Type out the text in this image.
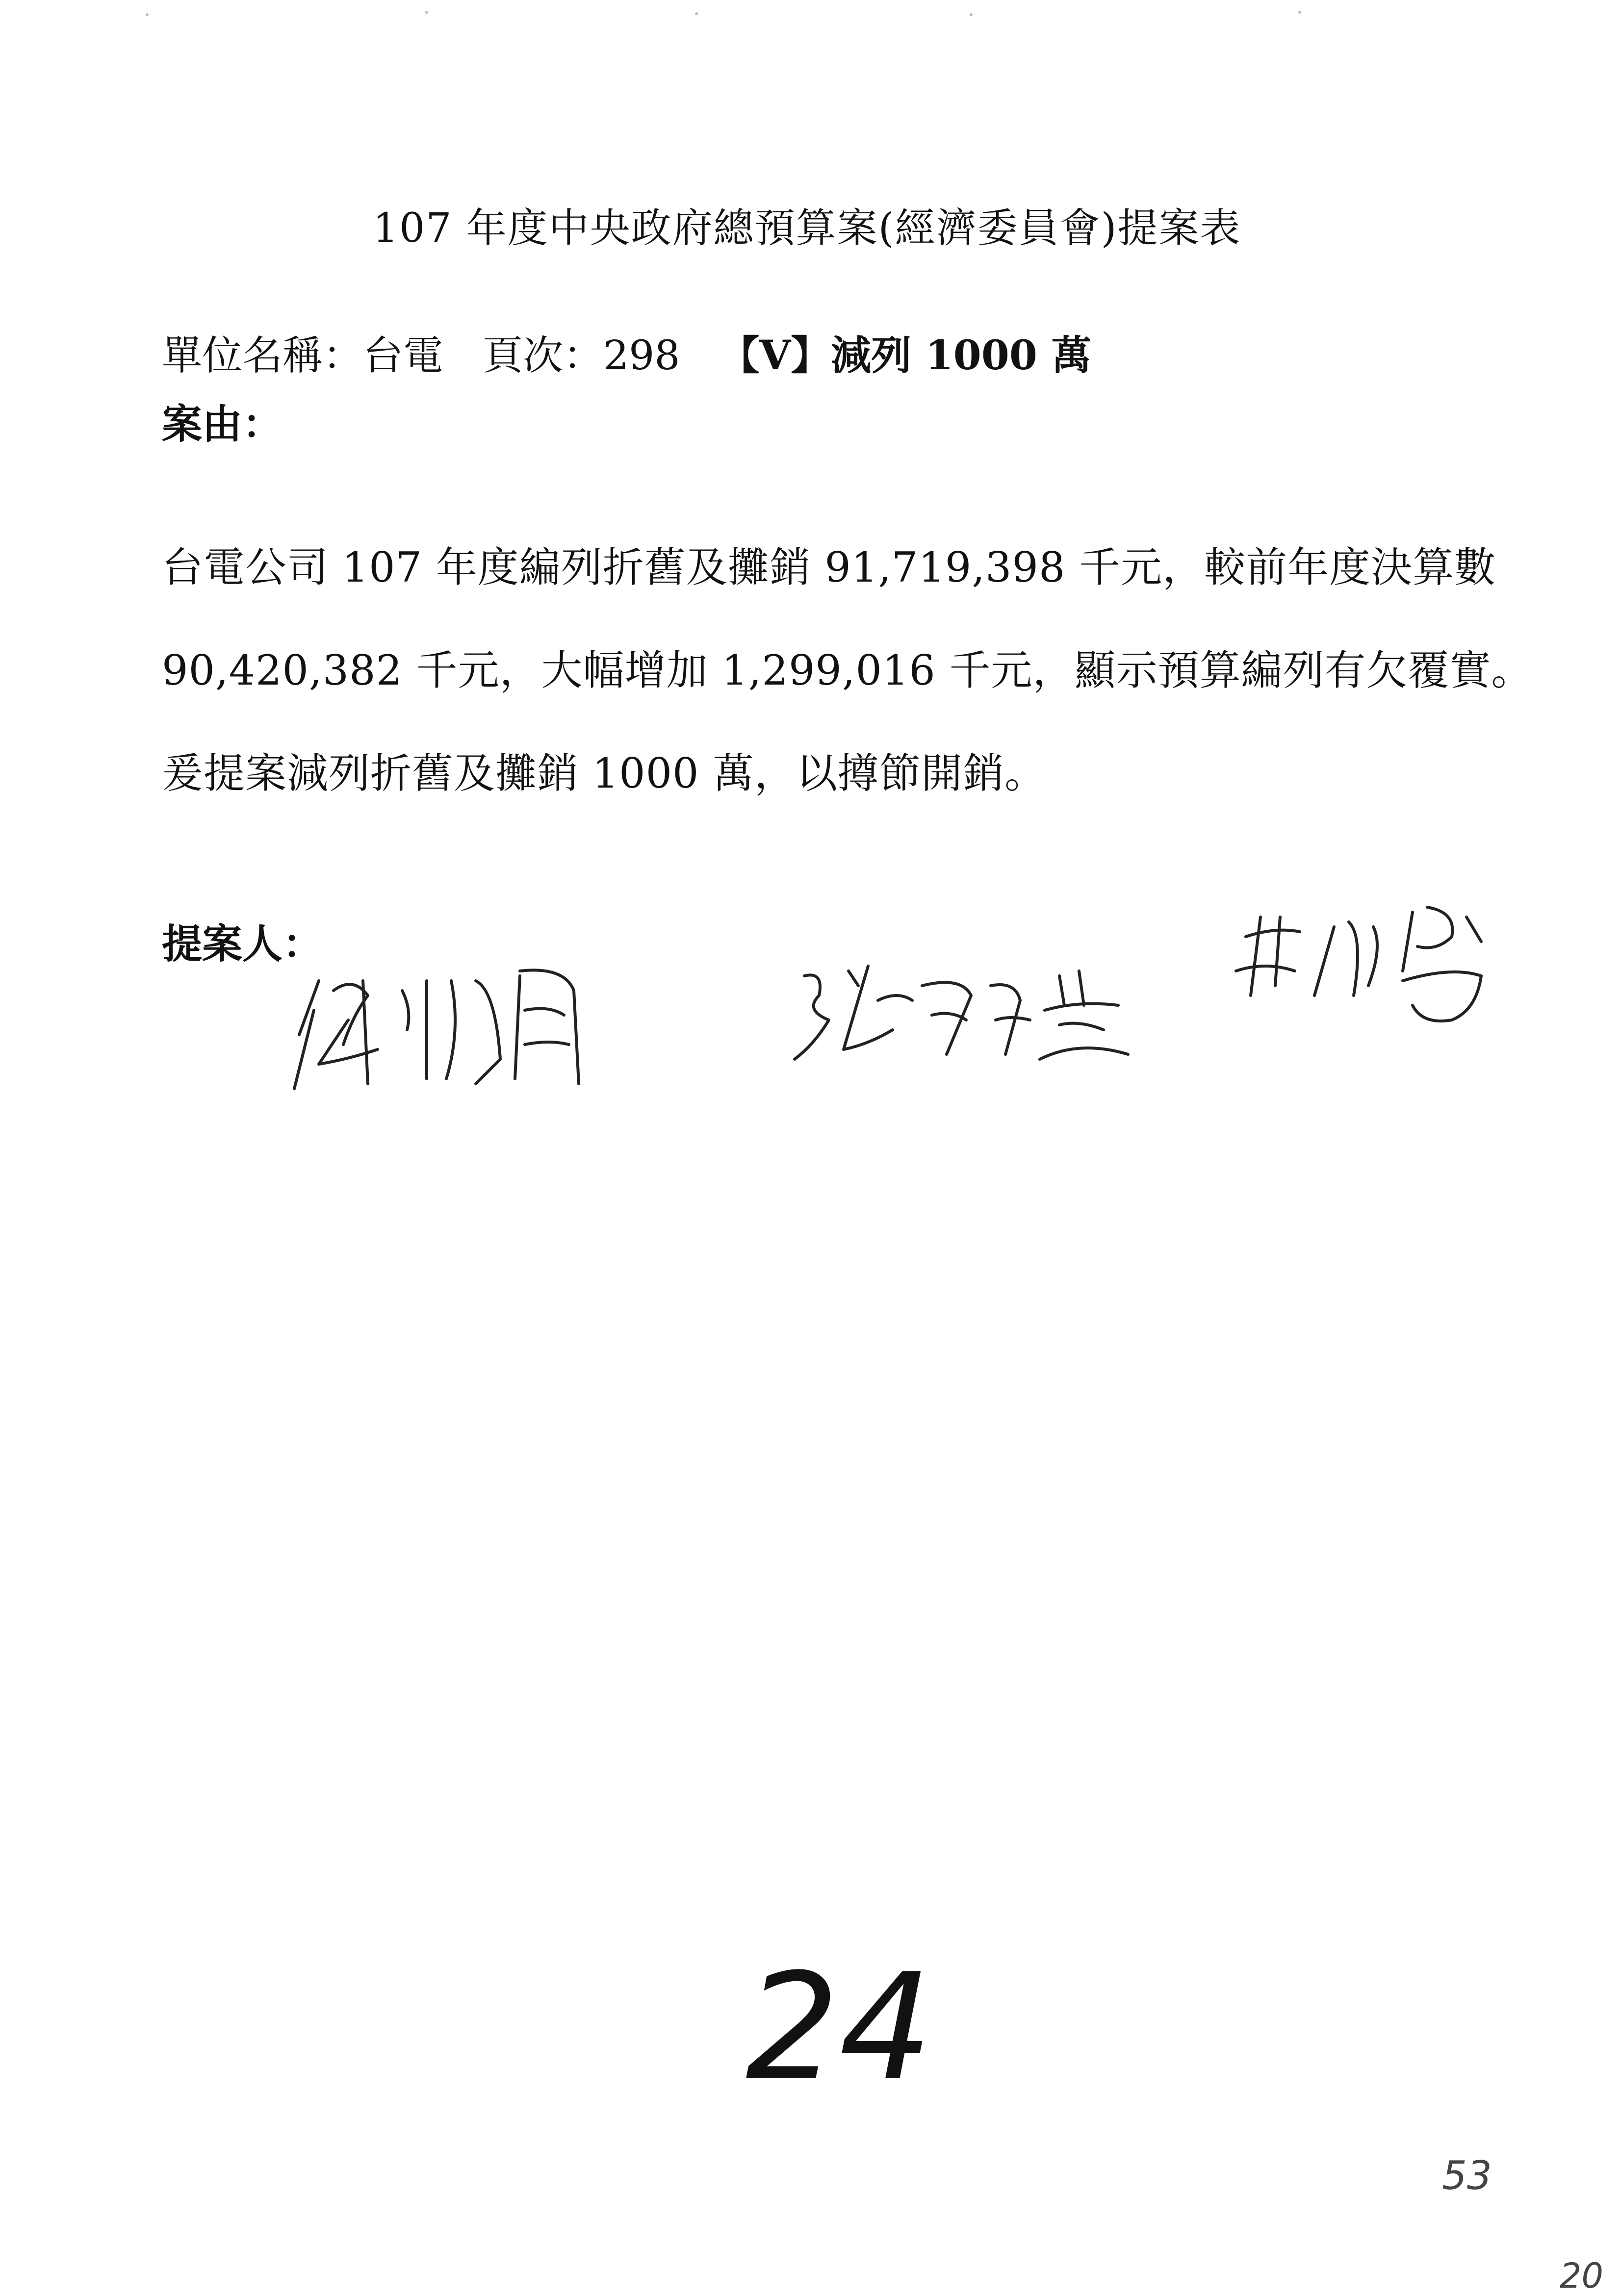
107 年度中央政府總預算案(經濟委員會)提案表
單位名稱：台電 頁次：298 【V】減列 1000 萬
案由：
台電公司 107 年度編列折舊及攤銷 91,719,398 千元，較前年度決算數
90,420,382 千元，大幅增加 1,299,016 千元，顯示預算編列有欠覆實。
爰提案減列折舊及攤銷 1000 萬，以撙節開銷。
提案人：
24
53
20
